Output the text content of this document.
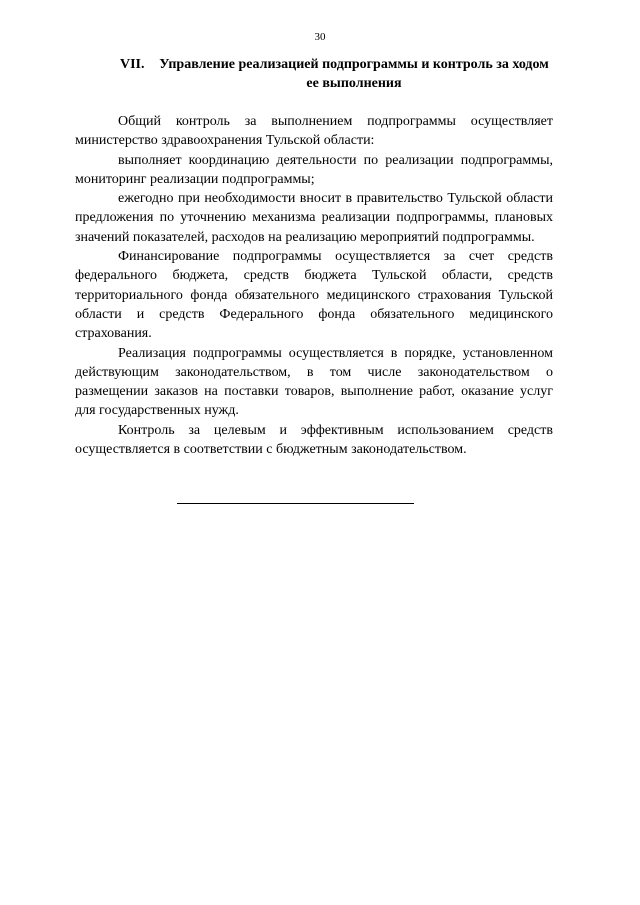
30
VII.	Управление реализацией подпрограммы и контроль за ходом ее выполнения

Общий контроль за выполнением подпрограммы осуществляет министерство здравоохранения Тульской области:

выполняет координацию деятельности по реализации подпрограммы, мониторинг реализации подпрограммы;

ежегодно при необходимости вносит в правительство Тульской области предложения по уточнению механизма реализации подпрограммы, плановых значений показателей, расходов на реализацию мероприятий подпрограммы.

Финансирование подпрограммы осуществляется за счет средств федерального бюджета, средств бюджета Тульской области, средств территориального фонда обязательного медицинского страхования Тульской области и средств Федерального фонда обязательного медицинского страхования.

Реализация подпрограммы осуществляется в порядке, установленном действующим законодательством, в том числе законодательством о размещении заказов на поставки товаров, выполнение работ, оказание услуг для государственных нужд.

Контроль за целевым и эффективным использованием средств осуществляется в соответствии с бюджетным законодательством.
